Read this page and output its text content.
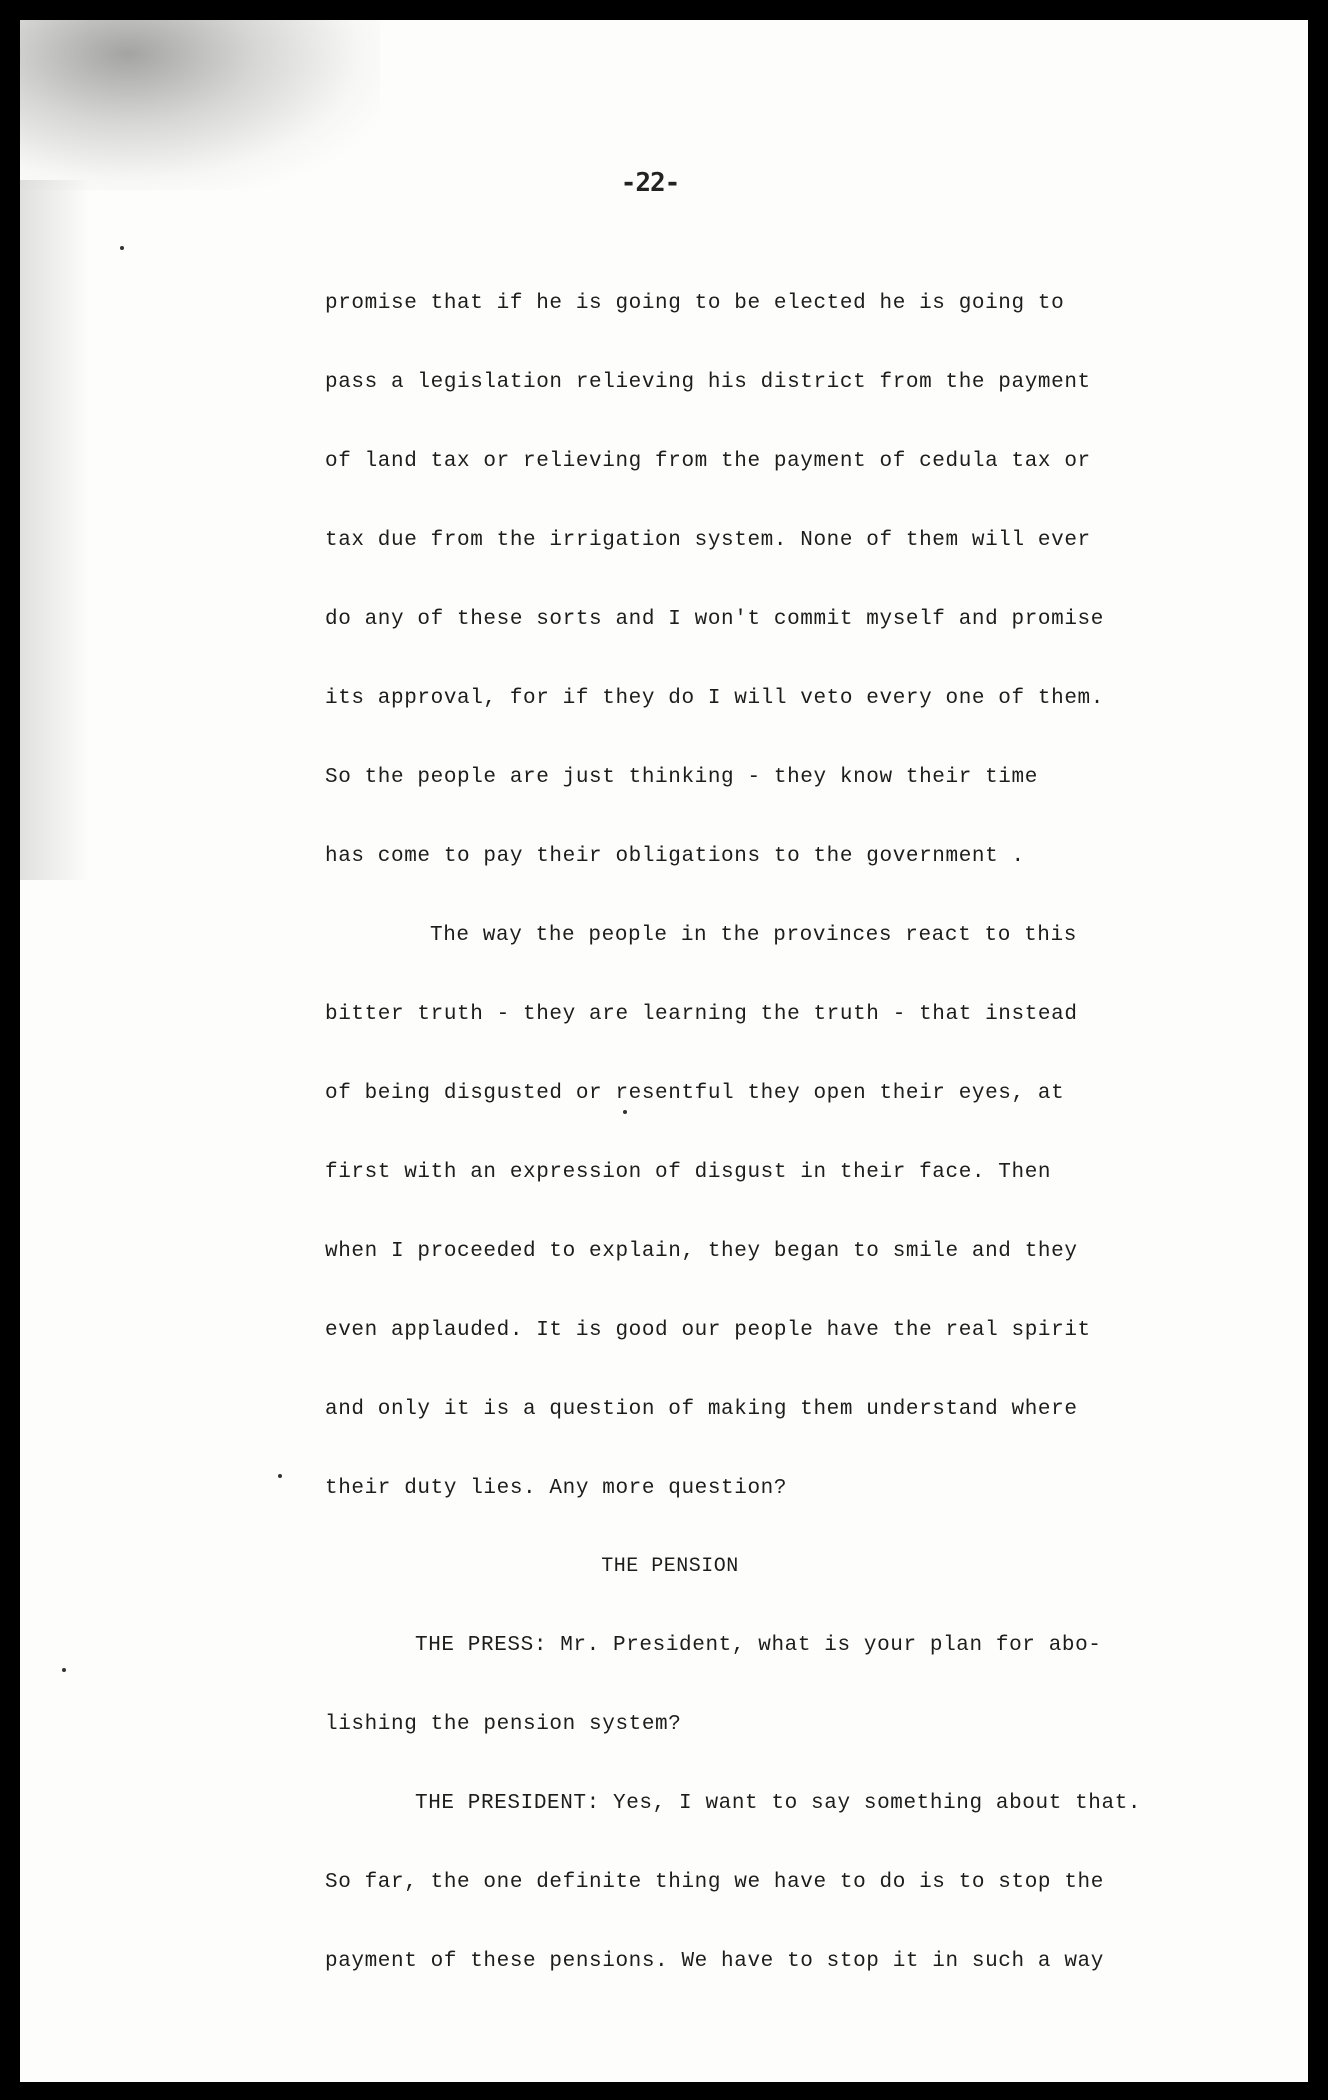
-22-
promise that if he is going to be elected he is going to
pass a legislation relieving his district from the payment
of land tax or relieving from the payment of cedula tax or
tax due from the irrigation system. None of them will ever
do any of these sorts and I won't commit myself and promise
its approval, for if they do I will veto every one of them.
So the people are just thinking - they know their time
has come to pay their obligations to the government .
The way the people in the provinces react to this
bitter truth - they are learning the truth - that instead
of being disgusted or resentful they open their eyes, at
first with an expression of disgust in their face. Then
when I proceeded to explain, they began to smile and they
even applauded. It is good our people have the real spirit
and only it is a question of making them understand where
their duty lies. Any more question?
THE PENSION
THE PRESS: Mr. President, what is your plan for abo-
lishing the pension system?
THE PRESIDENT: Yes, I want to say something about that.
So far, the one definite thing we have to do is to stop the
payment of these pensions. We have to stop it in such a way
